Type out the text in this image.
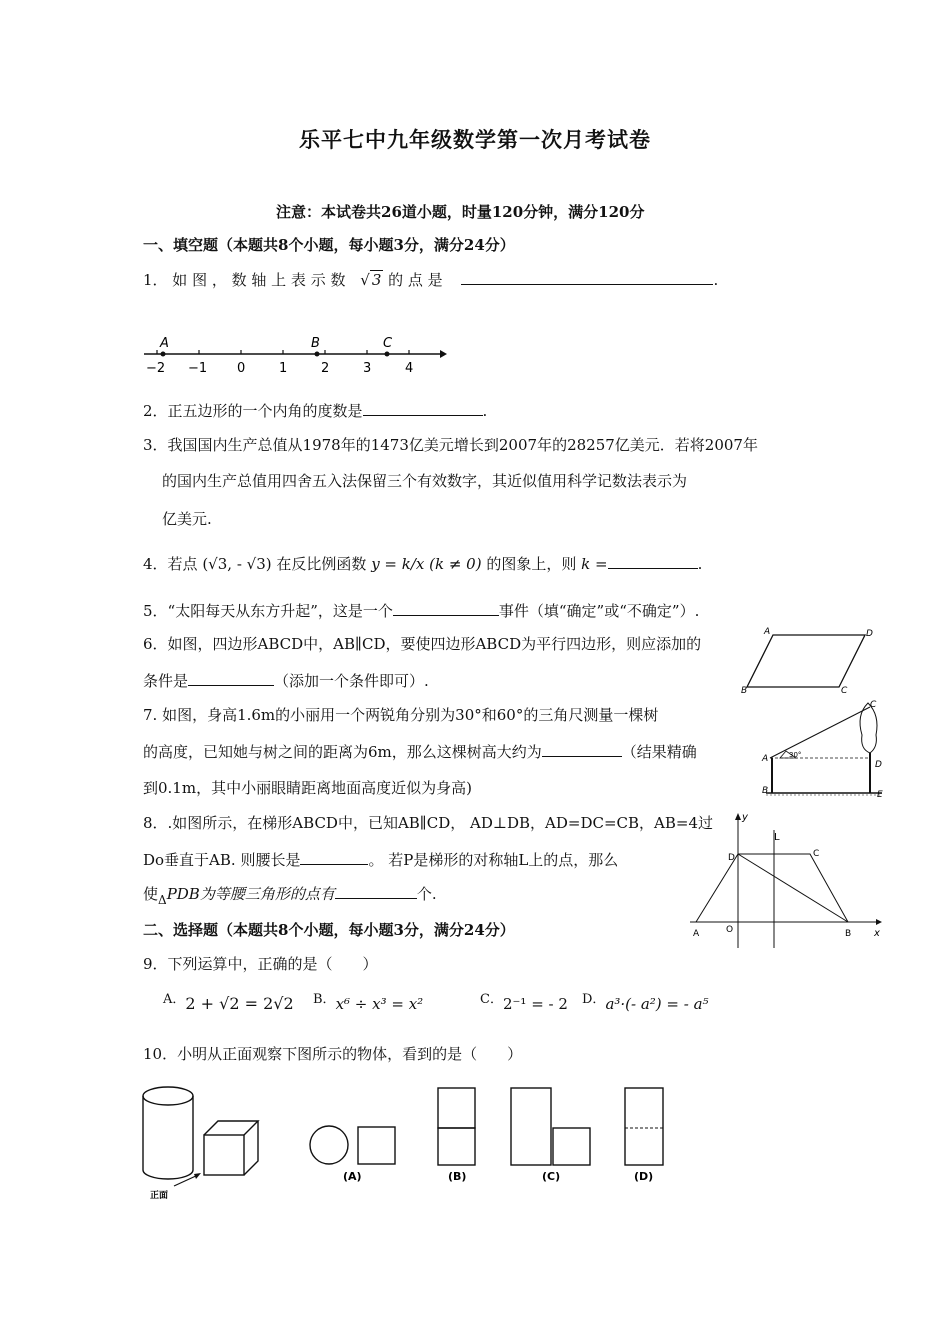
乐平七中九年级数学第一次月考试卷
注意：本试卷共26道小题，时量120分钟，满分120分
一、填空题（本题共8个小题，每小题3分，满分24分）
1． 如 图 ， 数 轴 上 表 示 数 √ 3 的 点 是	.
A	B	C
−2 −1 0	1	2	3	4
2．正五边形的一个内角的度数是	.
3．我国国内生产总值从1978年的1473亿美元增长到2007年的28257亿美元．若将2007年
的国内生产总值用四舍五入法保留三个有效数字，其近似值用科学记数法表示为
亿美元.
4．若点 (√3, - √3) 在反比例函数 y = k/x (k ≠ 0) 的图象上，则 k =	.
5．“太阳每天从东方升起”，这是一个	事件（填“确定”或“不确定”）.
6．如图，四边形ABCD中，AB∥CD，要使四边形ABCD为平行四边形，则应添加的
条件是	（添加一个条件即可）.
A
B	C
D
7. 如图，身高1.6m的小丽用一个两锐角分别为30°和60°的三角尺测量一棵树
的高度，已知她与树之间的距离为6m，那么这棵树高大约为	（结果精确
到0.1m，其中小丽眼睛距离地面高度近似为身高)
A
B
C
D
E
30°
8．.如图所示，在梯形ABCD中，已知AB∥CD， AD⊥DB，AD=DC=CB，AB=4过
Do垂直于AB. 则腰长是	。 若P是梯形的对称轴L上的点，那么
使$_\Delta$PDB为等腰三角形的点有	个.
y
L
D	C
A	O	B x
二、选择题（本题共8个小题，每小题3分，满分24分）
9．下列运算中，正确的是（　　）
A．2 + √2 = 2√2 B．x⁶ ÷ x³ = x²	C．2⁻¹ = - 2 D．a³·(- a²) = - a⁵
10．小明从正面观察下图所示的物体，看到的是（　　）
正面
(A)	(B)	(C)	(D)
